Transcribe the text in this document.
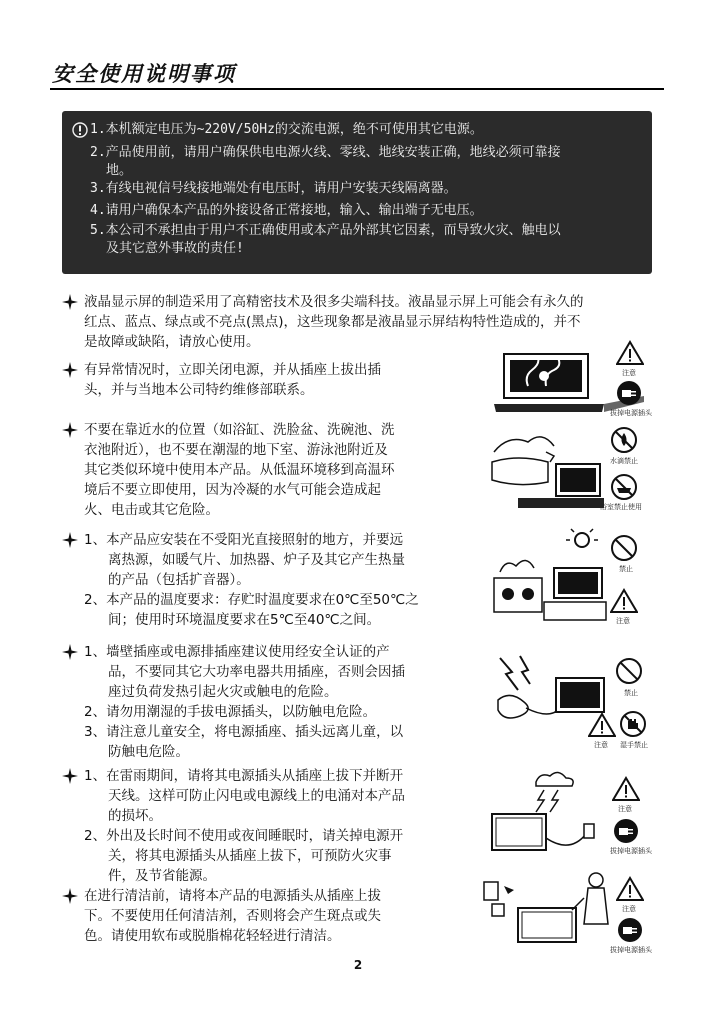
安全使用说明事项
1.本机额定电压为~220V/50Hz的交流电源，绝不可使用其它电源。
2.产品使用前，请用户确保供电电源火线、零线、地线安装正确，地线必须可靠接
地。
3.有线电视信号线接地端处有电压时，请用户安装天线隔离器。
4.请用户确保本产品的外接设备正常接地，输入、输出端子无电压。
5.本公司不承担由于用户不正确使用或本产品外部其它因素，而导致火灾、触电以
及其它意外事故的责任!
液晶显示屏的制造采用了高精密技术及很多尖端科技。液晶显示屏上可能会有永久的
红点、蓝点、绿点或不亮点(黑点)，这些现象都是液晶显示屏结构特性造成的，并不
是故障或缺陷，请放心使用。
有异常情况时，立即关闭电源，并从插座上拔出插
头，并与当地本公司特约维修部联系。
注意
拔掉电源插头
不要在靠近水的位置（如浴缸、洗脸盆、洗碗池、洗
衣池附近），也不要在潮湿的地下室、游泳池附近及
其它类似环境中使用本产品。从低温环境移到高温环
境后不要立即使用，因为冷凝的水气可能会造成起
火、电击或其它危险。
水滴禁止
浴室禁止使用
1、本产品应安装在不受阳光直接照射的地方，并要远
离热源，如暖气片、加热器、炉子及其它产生热量
的产品（包括扩音器）。
2、本产品的温度要求：存贮时温度要求在0℃至50℃之
间；使用时环境温度要求在5℃至40℃之间。
禁止
注意
1、墙壁插座或电源排插座建议使用经安全认证的产
品，不要同其它大功率电器共用插座，否则会因插
座过负荷发热引起火灾或触电的危险。
2、请勿用潮湿的手拔电源插头，以防触电危险。
3、请注意儿童安全，将电源插座、插头远离儿童，以
防触电危险。
禁止
注意 湿手禁止
1、在雷雨期间，请将其电源插头从插座上拔下并断开
天线。这样可防止闪电或电源线上的电涌对本产品
的损坏。
2、外出及长时间不使用或夜间睡眠时，请关掉电源开
关，将其电源插头从插座上拔下，可预防火灾事
件，及节省能源。
注意
拔掉电源插头
在进行清洁前，请将本产品的电源插头从插座上拔
下。不要使用任何清洁剂，否则将会产生斑点或失
色。请使用软布或脱脂棉花轻轻进行清洁。
注意
拔掉电源插头
2
